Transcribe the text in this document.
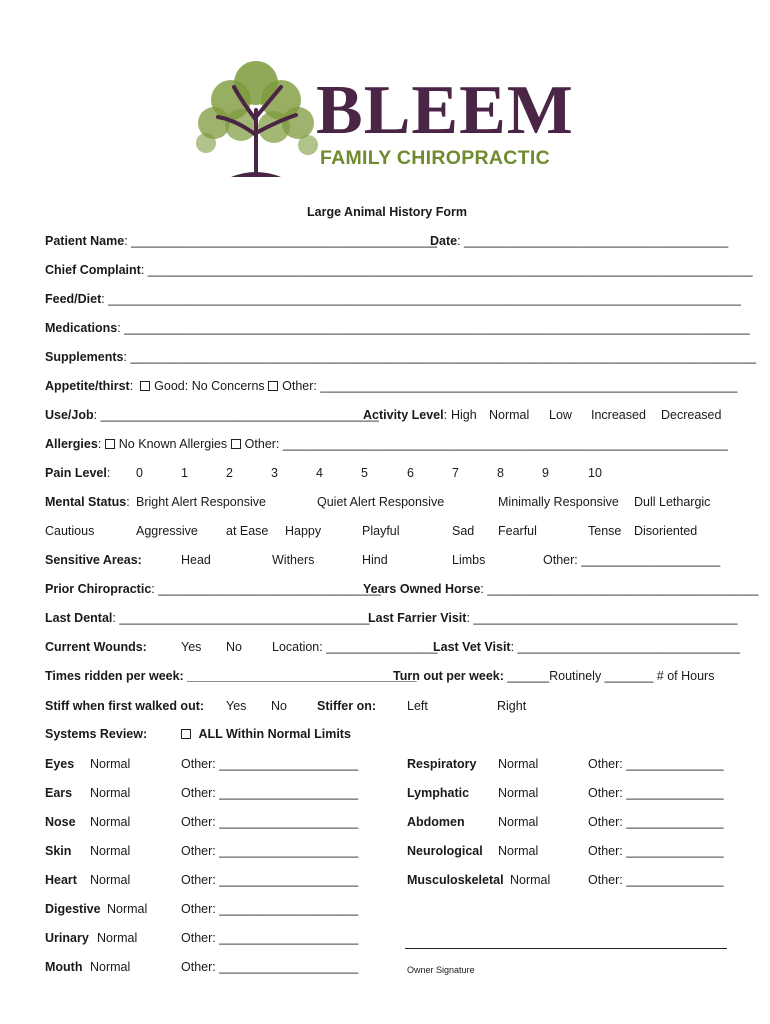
BLEEM
FAMILY CHIROPRACTIC
Large Animal History Form
Patient Name: ____________________________________________
Date: ______________________________________
Chief Complaint: _______________________________________________________________________________________
Feed/Diet: ___________________________________________________________________________________________
Medications: __________________________________________________________________________________________
Supplements: __________________________________________________________________________________________
Appetite/thirst: Good: No Concerns Other: ____________________________________________________________
Use/Job: ________________________________________
Activity Level: High Normal Low Increased Decreased
Allergies: No Known Allergies Other: ________________________________________________________________
Pain Level: 0	1	2	3	4	5	6	7	8	9	10
Mental Status: Bright Alert Responsive	Quiet Alert Responsive	Minimally Responsive Dull Lethargic
Cautious	Aggressive at Ease Happy	Playful	Sad Fearful	Tense Disoriented
Sensitive Areas:	Head	Withers	Hind	Limbs	Other: ____________________
Prior Chiropractic: ________________________________
Years Owned Horse: _______________________________________
Last Dental: ____________________________________
Last Farrier Visit: ______________________________________
Current Wounds:	Yes No Location: ________________
Last Vet Visit: ________________________________
Times ridden per week: _________________________________
Turn out per week: ______Routinely _______ # of Hours
Stiff when first walked out: Yes No Stiffer on: Left	Right
Systems Review:	ALL Within Normal Limits
Eyes Normal	Other: ____________________
Ears Normal	Other: ____________________
Nose Normal	Other: ____________________
Skin Normal	Other: ____________________
Heart Normal	Other: ____________________
Digestive Normal	Other: ____________________
Urinary Normal	Other: ____________________
Mouth Normal	Other: ____________________
Respiratory Normal	Other: ______________
Lymphatic Normal	Other: ______________
Abdomen	Normal	Other: ______________
Neurological Normal	Other: ______________
Musculoskeletal Normal	Other: ______________
Owner Signature
